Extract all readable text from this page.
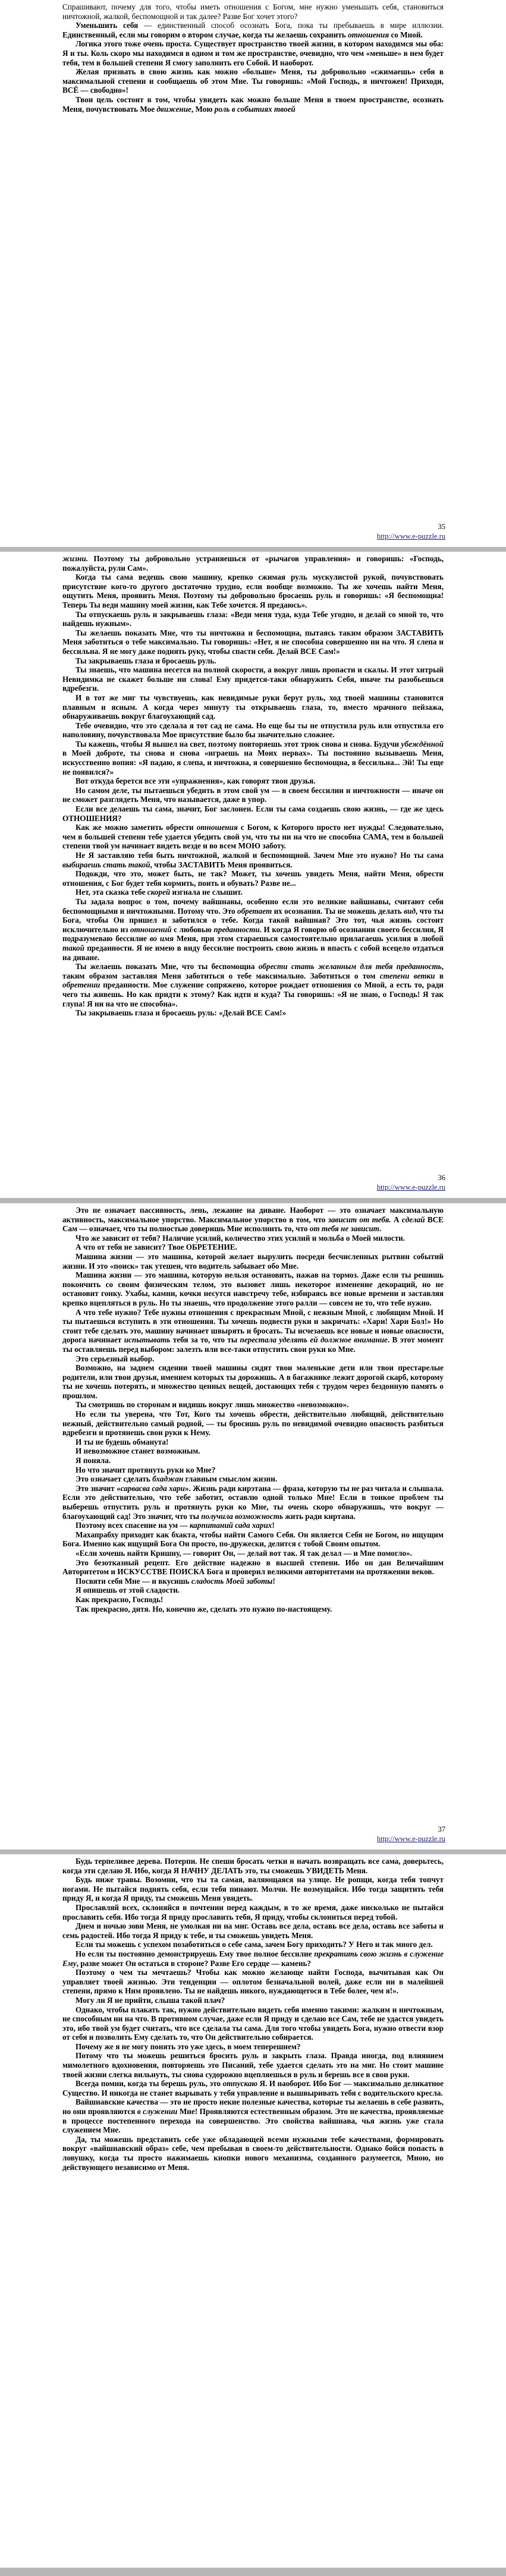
Спрашивают, почему для того, чтобы иметь отношения с Богом, мне нужно уменьшать себя, становиться ничтожной, жалкой, беспомощной и так далее? Разве Бог хочет этого?

Уменьшить себя — единственный способ осознать Бога, пока ты пребываешь в мире иллюзии. Единственный, если мы говорим о втором случае, когда ты желаешь сохранить отношения со Мной.

Логика этого тоже очень проста. Существует пространство твоей жизни, в котором находимся мы оба: Я и ты. Коль скоро мы находимся в одном и том же пространстве, очевидно, что чем «меньше» в нем будет тебя, тем в большей степени Я смогу заполнить его Собой. И наоборот.

Желая призвать в свою жизнь как можно «больше» Меня, ты добровольно «сжимаешь» себя в максимальной степени и сообщаешь об этом Мне. Ты говоришь: «Мой Господь, я ничтожен! Приходи, ВСЁ — свободно»!

Твои цель состоит в том, чтобы увидеть как можно больше Меня в твоем пространстве, осознать Меня, почувствовать Мое движение, Мою роль в событиях твоей

35
http://www.e-puzzle.ru

жизни. Поэтому ты добровольно устраняешься от «рычагов управления» и говоришь: «Господь, пожалуйста, рули Сам».

Когда ты сама ведешь свою машину, крепко сжимая руль мускулистой рукой, почувствовать присутствие кого-то другого достаточно трудно, если вообще возможно. Ты же хочешь найти Меня, ощутить Меня, проявить Меня. Поэтому ты добровольно бросаешь руль и говоришь: «Я беспомощна! Теперь Ты веди машину моей жизни, как Тебе хочется. Я предаюсь».

Ты отпускаешь руль и закрываешь глаза: «Веди меня туда, куда Тебе угодно, и делай со мной то, что найдешь нужным».

Ты желаешь показать Мне, что ты ничтожна и беспомощна, пытаясь таким образом ЗАСТАВИТЬ Меня заботиться о тебе максимально. Ты говоришь: «Нет, я не способна совершенно ни на что. Я слепа и бессильна. Я не могу даже поднять руку, чтобы спасти себя. Делай ВСЕ Сам!»

Ты закрываешь глаза и бросаешь руль.

Ты знаешь, что машина несется на полной скорости, а вокруг лишь пропасти и скалы. И этот хитрый Невидимка не скажет больше ни слова! Ему придется-таки обнаружить Себя, иначе ты разобьешься вдребезги.

И в тот же миг ты чувствуешь, как невидимые руки берут руль, ход твоей машины становится плавным и ясным. А когда через минуту ты открываешь глаза, то, вместо мрачного пейзажа, обнаруживаешь вокруг благоухающий сад.

Тебе очевидно, что это сделала я тот сад не сама. Но еще бы ты не отпустила руль или отпустила его наполовину, почувствовала Мое присутствие было бы значительно сложнее.

Ты кажешь, чтобы Я вышел на свет, поэтому повторяешь этот трюк снова и снова. Будучи убеждённой в Моей доброте, ты снова и снова «играешь на Моих нервах». Ты постоянно вызываешь Меня, искусственно вопия: «Я падаю, я слепа, и ничтожна, я совершенно беспомощна, я бессильна... Эй! Ты еще не появился?»

Вот откуда берется все эти «упражнения», как говорят твои друзья.

Но самом деле, ты пытаешься убедить в этом свой ум — в своем бессилии и ничтожности — иначе он не сможет разглядеть Меня, что называется, даже в упор.

Если все делаешь ты сама, значит, Бог заслонен. Если ты сама создаешь свою жизнь, — где же здесь ОТНОШЕНИЯ?

Как же можно заметить обрести отношения с Богом, к Которого просто нет нужды! Следовательно, чем в большей степени тебе удается убедить свой ум, что ты ни на что не способна САМА, тем в большей степени твой ум начинает видеть везде и во всем МОЮ заботу.

Не Я заставляю тебя быть ничтожной, жалкой и беспомощной. Зачем Мне это нужно? Но ты сама выбираешь стать такой, чтобы ЗАСТАВИТЬ Меня проявиться.

Подожди, что это, может быть, не так? Может, ты хочешь увидеть Меня, найти Меня, обрести отношения, с Бог будет тебя кормить, поить и обувать? Разве не...

Нет, эта сказка тебе скорей изгнала не слышит.

Ты задала вопрос о том, почему вайшнавы, особенно если это великие вайшнавы, считают себя беспомощными и ничтожными. Потому что. Это обретает их осознания. Ты не можешь делать вид, что ты Бога, чтобы Он пришел и заботился о тебе. Когда такой вайшнав? Это тот, чья жизнь состоит исключительно из отношений с любовью преданности. И когда Я говорю об осознании своего бессилия, Я подразумеваю бессилие во имя Меня, при этом стараешься самостоятельно прилагаешь усилия в любой такой преданности. Я не имею в виду бессилие построить свою жизнь и впасть с собой всецело отдаться на диване.

Ты желаешь показать Мне, что ты беспомощна обрести стать желанным для тебя преданность, таким образом заставляя Меня заботиться о тебе максимально. Заботиться о том степени ветки в обретении преданности. Мое служение сопряжено, которое рождает отношения со Мной, а есть то, ради чего ты живешь. Но как придти к этому? Как идти и куда? Ты говоришь: «Я не знаю, о Господь! Я так глупа! Я ни на что не способна».

Ты закрываешь глаза и бросаешь руль: «Делай ВСЕ Сам!»

36
http://www.e-puzzle.ru

Это не означает пассивность, лень, лежание на диване. Наоборот — это означает максимальную активность, максимальное упорство. Максимальное упорство в том, что зависит от тебя. А сделай ВСЕ Сам — означает, что ты полностью доверишь Мне исполнить то, что от тебя не зависит.

Что же зависит от тебя? Наличие усилий, количество этих усилий и мольба о Моей милости.

А что от тебя не зависит? Твое ОБРЕТЕНИЕ.

Машина жизни — это машина, которой желает вырулить посреди бесчисленных рытвин событий жизни. И это «поиск» так утешен, что водитель забывает обо Мне.

Машина жизни — это машина, которую нельзя остановить, нажав на тормоз. Даже если ты решишь покончить со своим физическим телом, это вызовет лишь некоторое изменение декораций, но не остановит гонку. Ухабы, камни, кочки несутся навстречу тебе, избираясь все новые времени и заставляя крепко вцепляться в руль. Но ты знаешь, что продолжение этого ралли — совсем не то, что тебе нужно.

А что тебе нужно? Тебе нужны отношения с прекрасным Мной, с нежным Мной, с любящим Мной. И ты пытаешься вступить в эти отношения. Ты хочешь подвести руки и закричать: «Хари! Хари Бол!» Но стоит тебе сделать это, машину начинает швырять и бросать. Ты исчезаешь все новые и новые опасности, дорога начинает испытывать тебя за то, что ты перестала уделять ей должное внимание. В этот момент ты оставляешь перед выбором: залезть или все-таки отпустить свои руки ко Мне.

Это серьезный выбор.

Возможно, на заднем сидении твоей машины сидят твои маленькие дети или твои престарелые родители, или твои друзья, имением которых ты дорожишь. А в багажнике лежит дорогой скарб, которому ты не хочешь потерять, и множество ценных вещей, достающих тебя с трудом через бездонную память о прошлом.

Ты смотришь по сторонам и видишь вокруг лишь множество «невозможно».

Но если ты уверена, что Тот, Кого ты хочешь обрести, действительно любящий, действительно нежный, действительно самый родной, — ты бросишь руль по невидимой очевидно опасность разбиться вдребезги и протянешь свои руки к Нему.

И ты не будешь обманута!

И невозможное станет возможным.

Я поняла.

Но что значит протянуть руки ко Мне?

Это означает сделать бхаджан главным смыслом жизни.

Это значит «сарвасва сада хари». Жизнь ради кирэтана — фраза, которую ты не раз читала и слышала. Если это действительно, что тебе заботит, оставлю одной только Мне! Если в тонкое проблем ты выберешь отпустить руль и протянуть руки ко Мне, ты очень скоро обнаружишь, что вокруг — благоухающий сад! Это значит, что ты получила возможность жить ради киртана.

Поэтому всех спасение на ум — карпитаний сада харих!

Махапрабху приходит как бхакта, чтобы найти Самого Себя. Он является Себя не Богом, но ищущим Бога. Именно как ищущий Бога Он просто, по-дружески, делится с тобой Своим опытом.

«Если хочешь найти Кришну, — говорит Он, — делай вот так. Я так делал — и Мне помогло».

Это безотказный рецепт. Его действие надежно в высшей степени. Ибо он дан Величайшим Авторитетом и ИСКУССТВЕ ПОИСКА Бога и проверил великими авторитетами на протяжении веков.

Посвяти себя Мне — и вкусишь сладость Моей заботы!

Я опишешь от этой сладости.

Как прекрасно, Господь!

Так прекрасно, дитя. Но, конечно же, сделать это нужно по-настоящему.

37
http://www.e-puzzle.ru

Будь терпеливее дерева. Потерпи. Не спеши бросать четки и начать возвращать все сама, доверьтесь, когда эти сделаю Я. Ибо, когда Я НАЧНУ ДЕЛАТЬ это, ты сможешь УВИДЕТЬ Меня.

Будь ниже травы. Возомни, что ты та самая, валяющаяся на улице. Не ропщи, когда тебя топчут ногами. Не пытайся поднять себя, если тебя пинают. Молчи. Не возмущайся. Ибо тогда защитить тебя приду Я, и когда Я приду, ты сможешь Меня увидеть.

Прославляй всех, склоняйся в почтении перед каждым, в то же время, даже нисколько не пытайся прославить себя. Ибо тогда Я приду прославить тебя, Я приду, чтобы склониться перед тобой.

Днем и ночью зови Меня, не умолкая ни на миг. Оставь все дела, оставь все дела, оставь все заботы и семь радостей. Ибо тогда Я приду к тебе, и ты сможешь увидеть Меня.

Если ты можешь с успехом позаботиться о себе сама, зачем Богу приходить? У Него и так много дел.

Но если ты постоянно демонстрируешь Ему твое полное бессилие прекратить свою жизнь в служение Ему, разве может Он остаться в стороне? Разве Его сердце — камень?

Поэтому о чем ты мечтаешь? Чтобы как можно желающе найти Господа, вычитывая как Он управляет твоей жизнью. Эти тенденции — оплотом безначальной волей, даже если ни в малейшей степени, прямо к Ним проявлено. Ты не найдешь никого, нуждающегося в Тебе более, чем я!».

Могу ли Я не прийти, слыша такой плач?

Однако, чтобы плакать так, нужно действительно видеть себя именно такими: жалким и ничтожным, не способным ни на что. В противном случае, даже если Я приду и сделаю все Сам, тебе не удастся увидеть это, ибо твой ум будет считать, что все сделала ты сама. Для того чтобы увидеть Бога, нужно отвести взор от себя и позволить Ему сделать то, что Он действительно собирается.

Почему же я не могу понять это уже здесь, в моем теперешнем?

Потому что ты можешь решиться бросить руль и закрыть глаза. Правда иногда, под влиянием мимолетного вдохновения, повторяешь это Писаний, тебе удается сделать это на миг. Но стоит машине твоей жизни слегка вильнуть, ты снова судорожно вцепляешься в руль и берешь все в свои руки.

Всегда помни, когда ты берешь руль, это отпускаю Я. И наоборот. Ибо Бог — максимально деликатное Существо. И никогда не станет вырывать у тебя управление и вышвыривать тебя с водительского кресла.

Вайшнавские качества — это не просто некие полезные качества, которые ты желаешь в себе развить, но они проявляются в служении Мне! Проявляются естественным образом. Это не качества, проявляемые в процессе постепенного перехода на совершенство. Это свойства вайшнава, чья жизнь уже стала служением Мне.

Да, ты можешь представить себе уже обладающей всеми нужными тебе качествами, формировать вокруг «вайшнавский образ» себе, чем пребывая в своем-то действительности. Однако бойся попасть в ловушку, когда ты просто нажимаешь кнопки нового механизма, созданного разумеется, Мною, но действующего независимо от Меня.
